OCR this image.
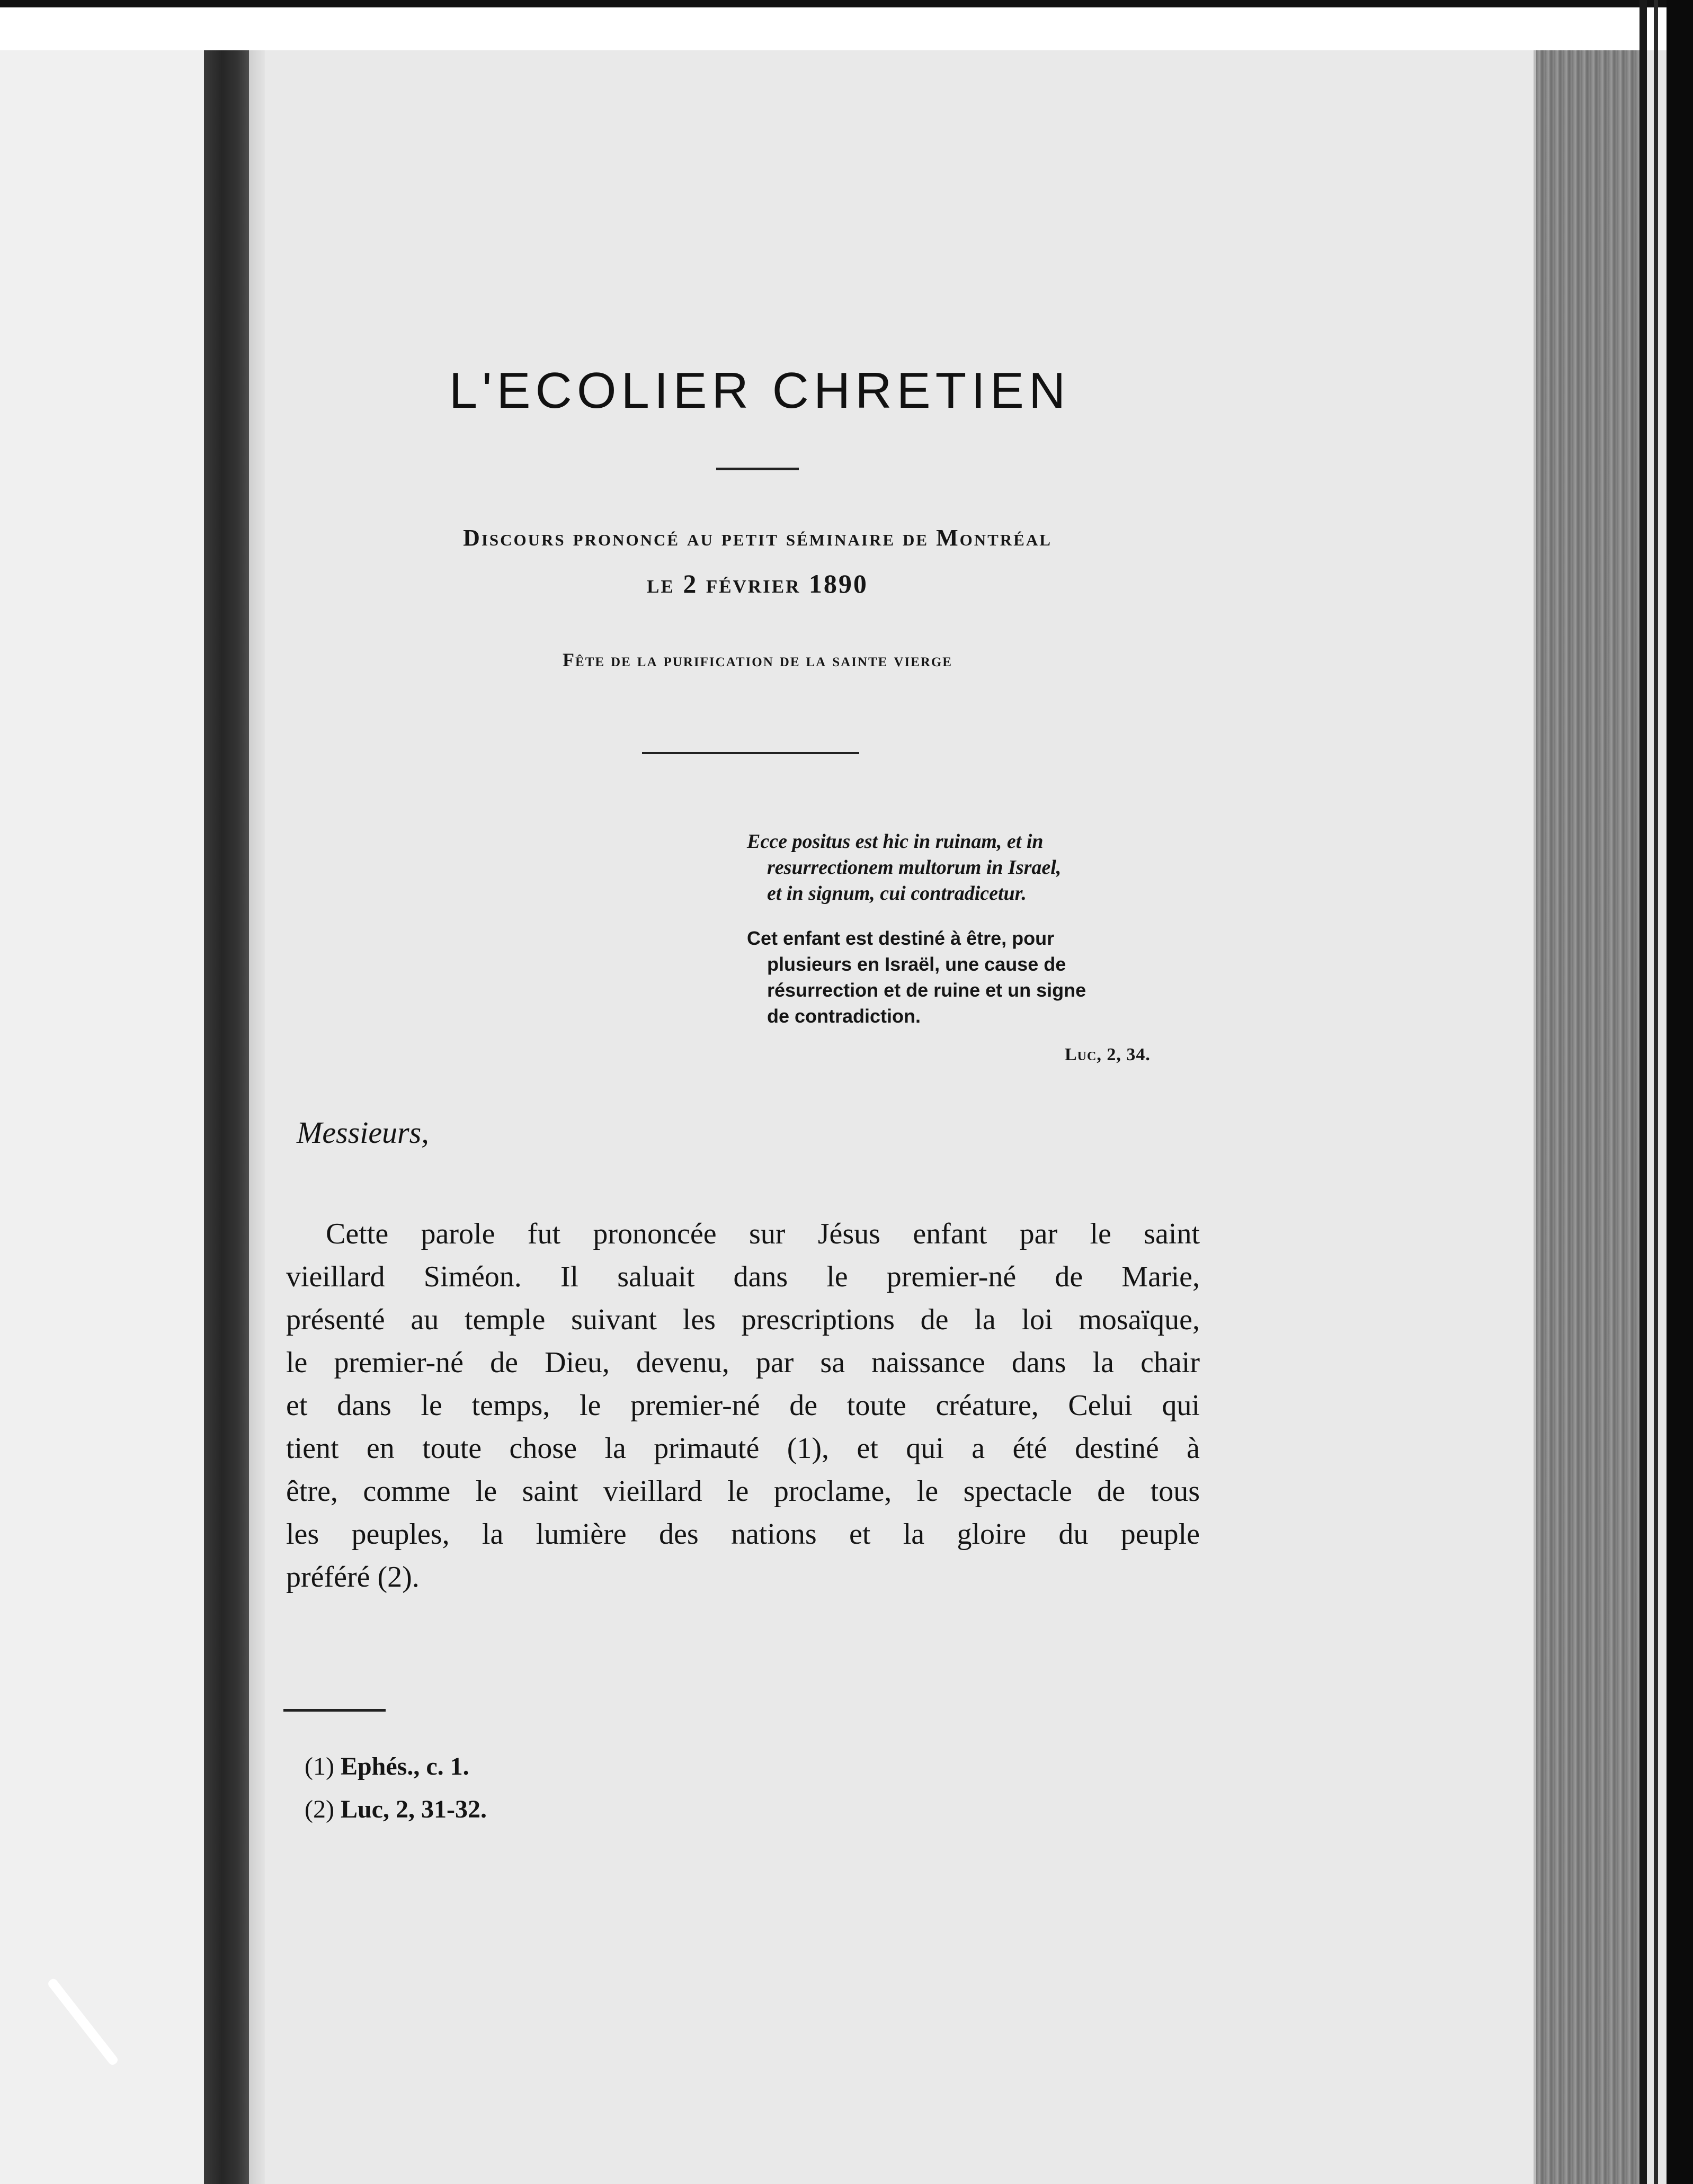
L'ECOLIER CHRETIEN
Discours prononcé au petit séminaire de Montréal
le 2 février 1890
Fête de la purification de la sainte vierge
Ecce positus est hic in ruinam, et in
resurrectionem multorum in Israel,
et in signum, cui contradicetur.
Cet enfant est destiné à être, pour
plusieurs en Israël, une cause de
résurrection et de ruine et un signe
de contradiction.
Luc, 2, 34.
Messieurs,
Cette parole fut prononcée sur Jésus enfant par le saint
vieillard Siméon. Il saluait dans le premier-né de Marie,
présenté au temple suivant les prescriptions de la loi mosaïque,
le premier-né de Dieu, devenu, par sa naissance dans la chair
et dans le temps, le premier-né de toute créature, Celui qui
tient en toute chose la primauté (1), et qui a été destiné à
être, comme le saint vieillard le proclame, le spectacle de tous
les peuples, la lumière des nations et la gloire du peuple
préféré (2).
(1) Ephés., c. 1.
(2) Luc, 2, 31-32.
